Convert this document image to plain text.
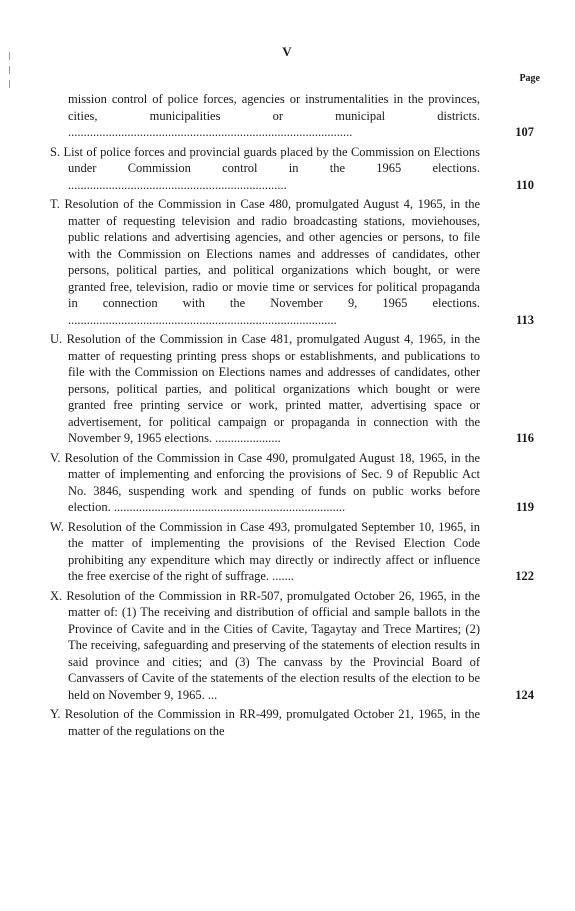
V
Page
mission control of police forces, agencies or instrumentalities in the provinces, cities, municipalities or municipal districts. ...........................................................................................	107
S. List of police forces and provincial guards placed by the Commission on Elections under Commission control in the 1965 elections. ......................................................................	110
T. Resolution of the Commission in Case 480, promulgated August 4, 1965, in the matter of requesting television and radio broadcasting stations, moviehouses, public relations and advertising agencies, and other agencies or persons, to file with the Commission on Elections names and addresses of candidates, other persons, political parties, and political organizations which bought, or were granted free, television, radio or movie time or services for political propaganda in connection with the November 9, 1965 elections. ......................................................................................	113
U. Resolution of the Commission in Case 481, promulgated August 4, 1965, in the matter of requesting printing press shops or establishments, and publications to file with the Commission on Elections names and addresses of candidates, other persons, political parties, and political organizations which bought or were granted free printing service or work, printed matter, advertising space or advertisement, for political campaign or propaganda in connection with the November 9, 1965 elections. .....................	116
V. Resolution of the Commission in Case 490, promulgated August 18, 1965, in the matter of implementing and enforcing the provisions of Sec. 9 of Republic Act No. 3846, suspending work and spending of funds on public works before election. ..........................................................................	119
W. Resolution of the Commission in Case 493, promulgated September 10, 1965, in the matter of implementing the provisions of the Revised Election Code prohibiting any expenditure which may directly or indirectly affect or influence the free exercise of the right of suffrage. .......	122
X. Resolution of the Commission in RR-507, promulgated October 26, 1965, in the matter of: (1) The receiving and distribution of official and sample ballots in the Province of Cavite and in the Cities of Cavite, Tagaytay and Trece Martires; (2) The receiving, safeguarding and preserving of the statements of election results in said province and cities; and (3) The canvass by the Provincial Board of Canvassers of Cavite of the statements of the election results of the election to be held on November 9, 1965. ...	124
Y. Resolution of the Commission in RR-499, promulgated October 21, 1965, in the matter of the regulations on the
